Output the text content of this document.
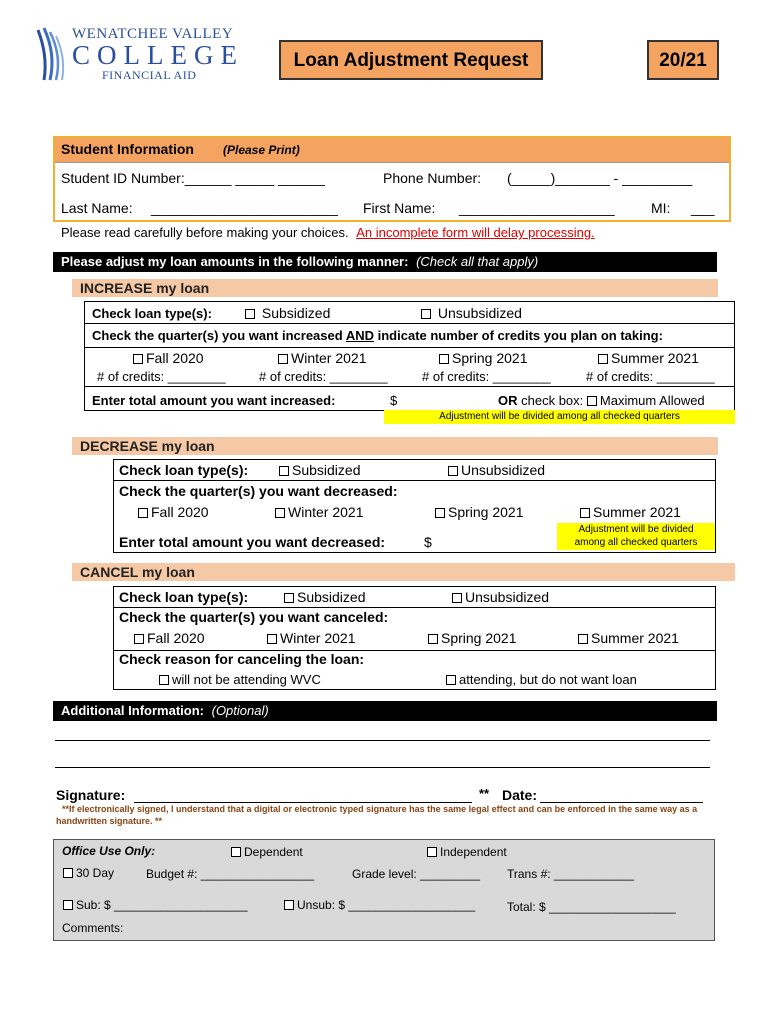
WENATCHEE VALLEY
COLLEGE
FINANCIAL AID
Loan Adjustment Request	20/21
Student Information (Please Print)
Student ID Number:______ _____ ______	Phone Number: (_____)_______ - _________
Last Name: ________________________ First Name: ____________________	MI: ___
Please read carefully before making your choices. An incomplete form will delay processing.
Please adjust my loan amounts in the following manner: (Check all that apply)
INCREASE my loan
Check loan type(s):	Subsidized	Unsubsidized
Check the quarter(s) you want increased AND indicate number of credits you plan on taking:
Fall 2020	Winter 2021	Spring 2021	Summer 2021
# of credits: ________	# of credits: ________	# of credits: ________	# of credits: ________
Enter total amount you want increased:	$	OR check box: Maximum Allowed
Adjustment will be divided among all checked quarters
DECREASE my loan
Check loan type(s):	Subsidized	Unsubsidized
Check the quarter(s) you want decreased:
Fall 2020	Winter 2021	Spring 2021	Summer 2021
Enter total amount you want decreased:	$
Adjustment will be divided
among all checked quarters
CANCEL my loan
Check loan type(s):	Subsidized	Unsubsidized
Check the quarter(s) you want canceled:
Fall 2020	Winter 2021	Spring 2021	Summer 2021
Check reason for canceling the loan:
will not be attending WVC	attending, but do not want loan
Additional Information: (Optional)
Signature:	** Date:
**If electronically signed, I understand that a digital or electronic typed signature has the same legal effect and can be enforced in the same way as a handwritten signature. **
Office Use Only:	Dependent	Independent
30 Day	Budget #: _________________	Grade level: _________ Trans #: ____________
Sub: $ ____________________	Unsub: $ ___________________	Total: $ ___________________
Comments:
